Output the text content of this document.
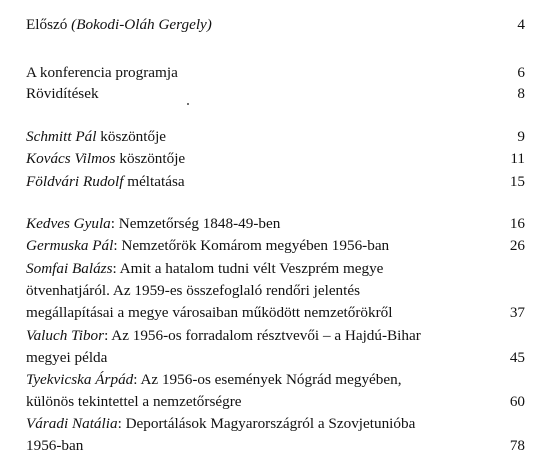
Előszó (Bokodi-Oláh Gergely)	4
A konferencia programja	6
Rövidítések	8
Schmitt Pál köszöntője	9
Kovács Vilmos köszöntője	11
Földvári Rudolf méltatása	15
Kedves Gyula: Nemzetőrség 1848-49-ben	16
Germuska Pál: Nemzetőrök Komárom megyében 1956-ban	26
Somfai Balázs: Amit a hatalom tudni vélt Veszprém megye
ötvenhatjáról. Az 1959-es összefoglaló rendőri jelentés
megállapításai a megye városaiban működött nemzetőrökről	37
Valuch Tibor: Az 1956-os forradalom résztvevői – a Hajdú-Bihar
megyei példa	45
Tyekvicska Árpád: Az 1956-os események Nógrád megyében,
különös tekintettel a nemzetőrségre	60
Váradi Natália: Deportálások Magyarországról a Szovjetunióba
1956-ban	78
